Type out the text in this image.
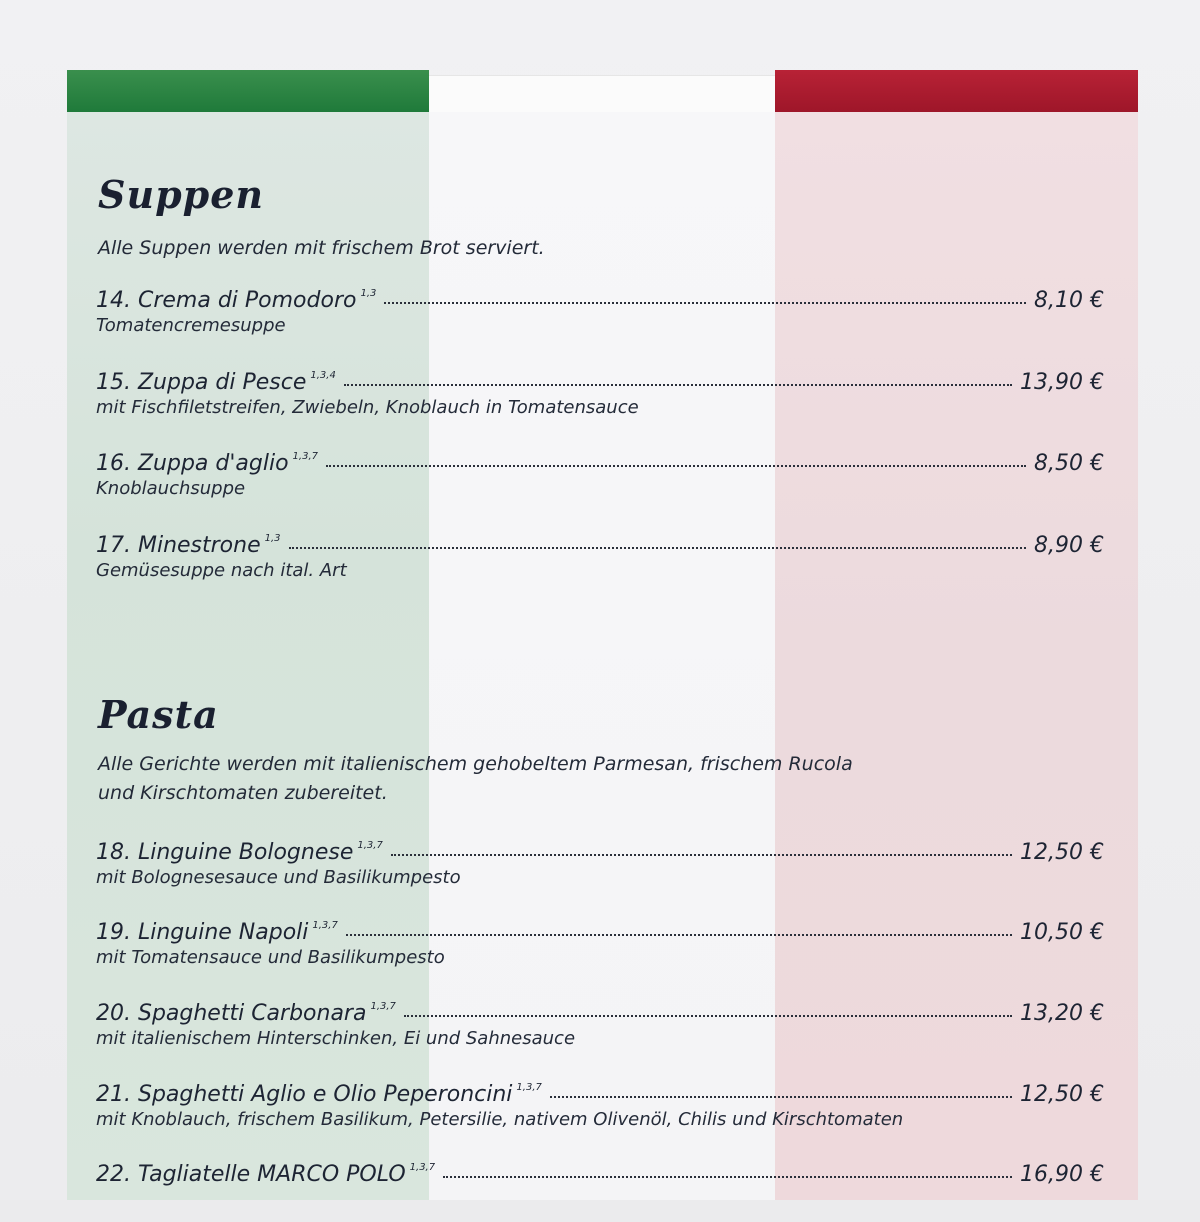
Suppen

Alle Suppen werden mit frischem Brot serviert.

14. Crema di Pomodoro 1,3	8,10 €
Tomatencremesuppe
15. Zuppa di Pesce 1,3,4	13,90 €
mit Fischfiletstreifen, Zwiebeln, Knoblauch in Tomatensauce
16. Zuppa d'aglio 1,3,7	8,50 €
Knoblauchsuppe
17. Minestrone 1,3	8,90 €
Gemüsesuppe nach ital. Art
Pasta

Alle Gerichte werden mit italienischem gehobeltem Parmesan, frischem Rucola
und Kirschtomaten zubereitet.

18. Linguine Bolognese 1,3,7	12,50 €
mit Bolognesesauce und Basilikumpesto
19. Linguine Napoli 1,3,7	10,50 €
mit Tomatensauce und Basilikumpesto
20. Spaghetti Carbonara 1,3,7	13,20 €
mit italienischem Hinterschinken, Ei und Sahnesauce
21. Spaghetti Aglio e Olio Peperoncini 1,3,7	12,50 €
mit Knoblauch, frischem Basilikum, Petersilie, nativem Olivenöl, Chilis und Kirschtomaten
22. Tagliatelle MARCO POLO 1,3,7	16,90 €
